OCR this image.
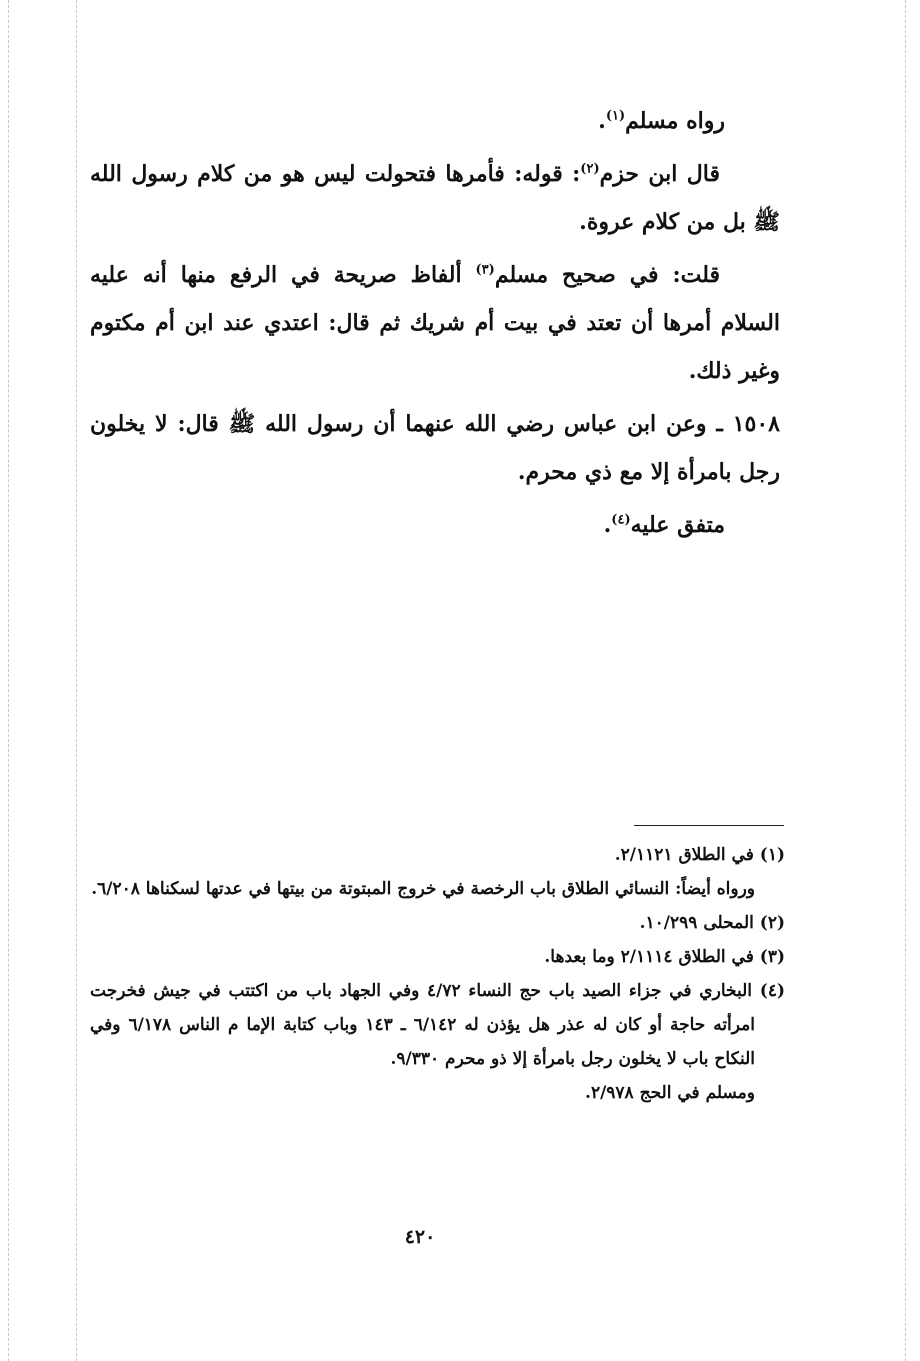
رواه مسلم$^{(١)}$.

قال ابن حزم$^{(٢)}$: قوله: فأمرها فتحولت ليس هو من كلام رسول الله ﷺ بل من كلام عروة.

قلت: في صحيح مسلم$^{(٣)}$ ألفاظ صريحة في الرفع منها أنه عليه السلام أمرها أن تعتد في بيت أم شريك ثم قال: اعتدي عند ابن أم مكتوم وغير ذلك.

١٥٠٨ ـ وعن ابن عباس رضي الله عنهما أن رسول الله ﷺ قال: لا يخلون رجل بامرأة إلا مع ذي محرم.

متفق عليه$^{(٤)}$.

(١) في الطلاق ٢/١١٢١.

ورواه أيضاً: النسائي الطلاق باب الرخصة في خروج المبتوتة من بيتها في عدتها لسكناها ٦/٢٠٨.

(٢) المحلى ١٠/٢٩٩.

(٣) في الطلاق ٢/١١١٤ وما بعدها.

(٤) البخاري في جزاء الصيد باب حج النساء ٤/٧٢ وفي الجهاد باب من اكتتب في جيش فخرجت امرأته حاجة أو كان له عذر هل يؤذن له ٦/١٤٢ ـ ١٤٣ وباب كتابة الإما م الناس ٦/١٧٨ وفي النكاح باب لا يخلون رجل بامرأة إلا ذو محرم ٩/٣٣٠.

ومسلم في الحج ٢/٩٧٨.

٤٢٠
